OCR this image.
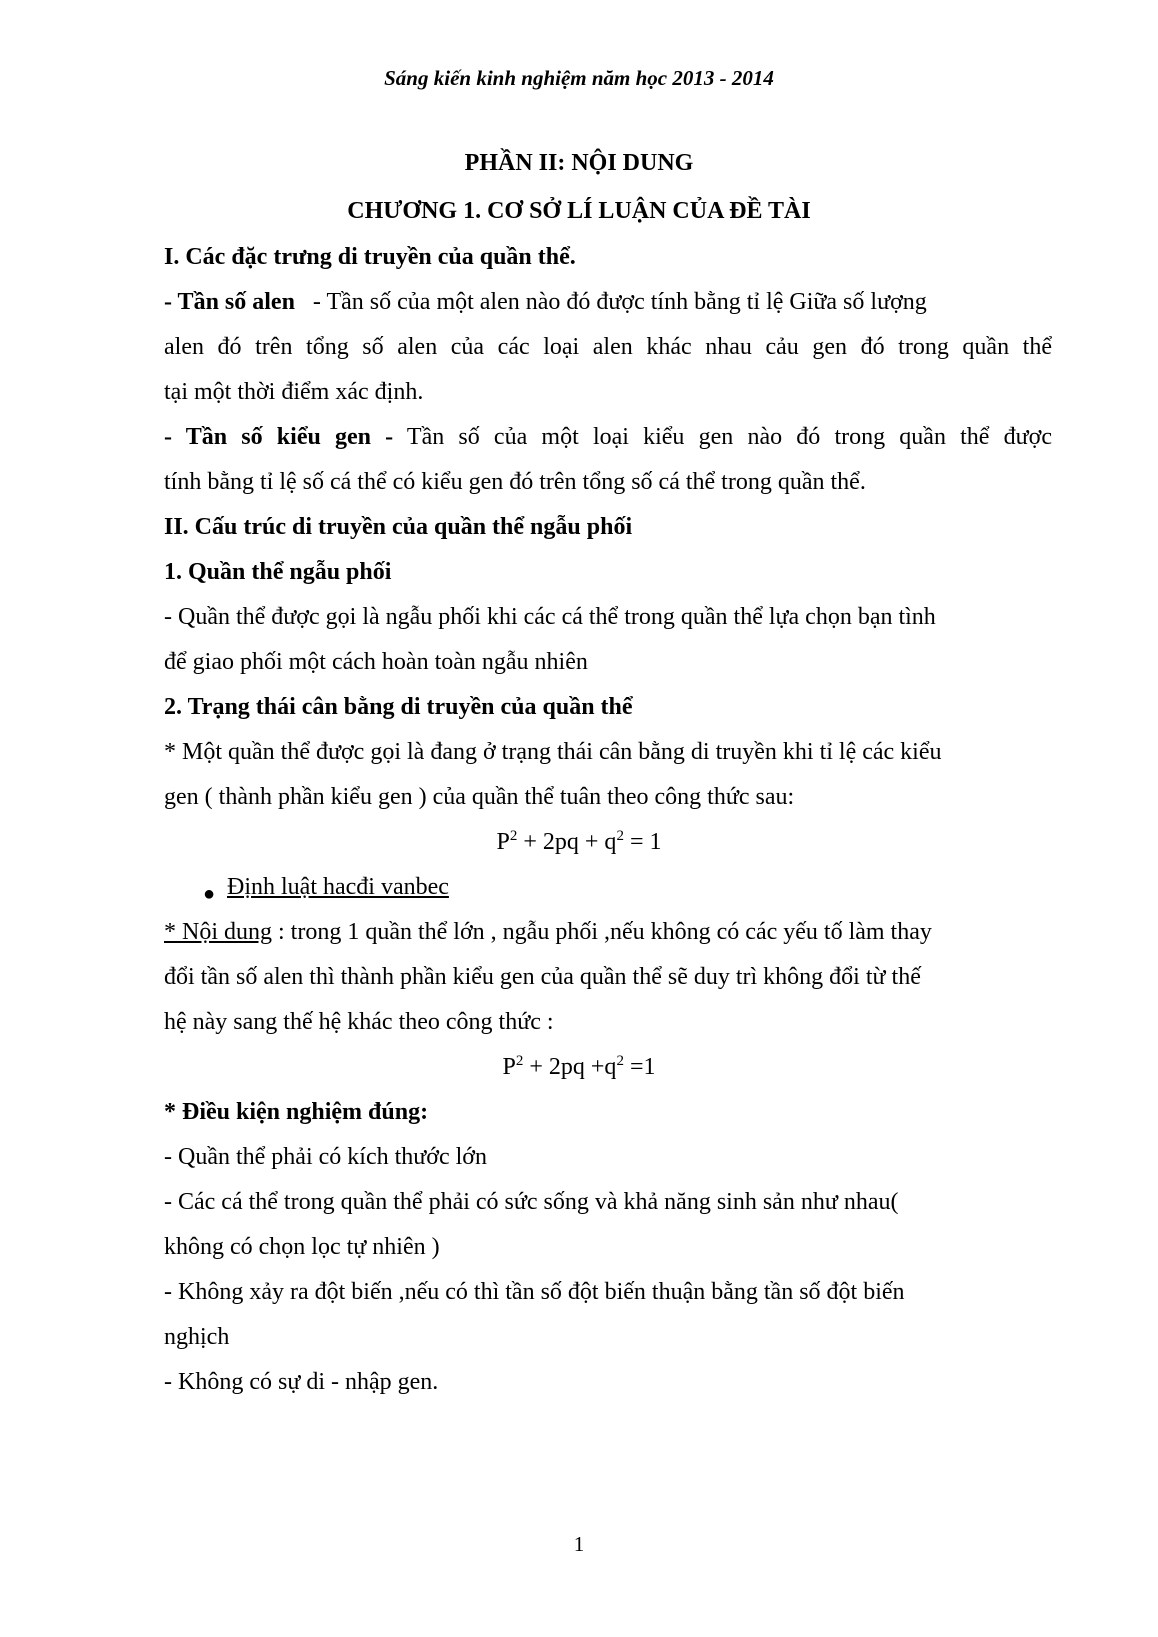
Sáng kiến kinh nghiệm năm học 2013 - 2014
PHẦN II: NỘI DUNG
CHƯƠNG 1. CƠ SỞ LÍ LUẬN CỦA ĐỀ TÀI
I. Các đặc trưng di truyền của quần thể.
- Tần số alen - Tần số của một alen nào đó được tính bằng tỉ lệ Giữa số lượng
alen đó trên tổng số alen của các loại alen khác nhau cảu gen đó trong quần thể
tại một thời điểm xác định.
- Tần số kiểu gen - Tần số của một loại kiểu gen nào đó trong quần thể được
tính bằng tỉ lệ số cá thể có kiểu gen đó trên tổng số cá thể trong quần thể.
II. Cấu trúc di truyền của quần thể ngẫu phối
1. Quần thể ngẫu phối
- Quần thể được gọi là ngẫu phối khi các cá thể trong quần thể lựa chọn bạn tình
để giao phối một cách hoàn toàn ngẫu nhiên
2. Trạng thái cân bằng di truyền của quần thể
* Một quần thể được gọi là đang ở trạng thái cân bằng di truyền khi tỉ lệ các kiểu
gen ( thành phần kiểu gen ) của quần thể tuân theo công thức sau:
$P^2 + 2pq + q^2 = 1$
● Định luật hacđi vanbec
* Nội dung : trong 1 quần thể lớn , ngẫu phối ,nếu không có các yếu tố làm thay
đổi tần số alen thì thành phần kiểu gen của quần thể sẽ duy trì không đổi từ thế
hệ này sang thế hệ khác theo công thức :
$P^2 + 2pq +q^2 =1$
* Điều kiện nghiệm đúng:
- Quần thể phải có kích thước lớn
- Các cá thể trong quần thể phải có sức sống và khả năng sinh sản như nhau(
không có chọn lọc tự nhiên )
- Không xảy ra đột biến ,nếu có thì tần số đột biến thuận bằng tần số đột biến
nghịch
- Không có sự di - nhập gen.
1
